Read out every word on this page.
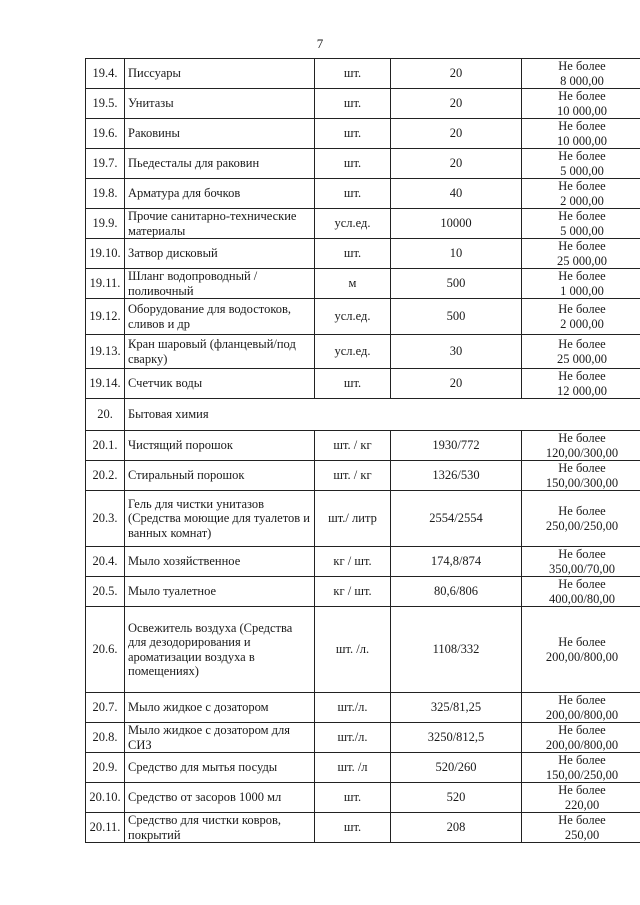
7
19.4.	Писсуары	шт.	20	Не более
8 000,00

19.5.	Унитазы	шт.	20	Не более
10 000,00

19.6.	Раковины	шт.	20	Не более
10 000,00

19.7.	Пьедесталы для раковин	шт.	20	Не более
5 000,00

19.8.	Арматура для бочков	шт.	40	Не более
2 000,00

19.9.	Прочие санитарно-технические материалы	усл.ед.	10000	Не более
5 000,00

19.10.	Затвор дисковый	шт.	10	Не более
25 000,00

19.11.	Шланг водопроводный /поливочный	м	500	Не более
1 000,00

19.12.	Оборудование для водостоков, сливов и др	усл.ед.	500	Не более
2 000,00

19.13.	Кран шаровый (фланцевый/под сварку)	усл.ед.	30	Не более
25 000,00

19.14.	Счетчик воды	шт.	20	Не более
12 000,00

20.	Бытовая химия			
20.1.	Чистящий порошок	шт. / кг	1930/772	Не более
120,00/300,00

20.2.	Стиральный порошок	шт. / кг	1326/530	Не более
150,00/300,00

20.3.	Гель для чистки унитазов (Средства моющие для туалетов и ванных комнат)	шт./ литр	2554/2554	Не более
250,00/250,00

20.4.	Мыло хозяйственное	кг / шт.	174,8/874	Не более
350,00/70,00

20.5.	Мыло туалетное	кг / шт.	80,6/806	Не более
400,00/80,00

20.6.	Освежитель воздуха (Средства для дезодорирования и ароматизации воздуха в помещениях)	шт. /л.	1108/332	Не более
200,00/800,00

20.7.	Мыло жидкое с дозатором	шт./л.	325/81,25	Не более
200,00/800,00

20.8.	Мыло жидкое с дозатором для СИЗ	шт./л.	3250/812,5	Не более
200,00/800,00

20.9.	Средство для мытья посуды	шт. /л	520/260	Не более
150,00/250,00

20.10.	Средство от засоров 1000 мл	шт.	520	Не более
220,00

20.11.	Средство для чистки ковров, покрытий	шт.	208	Не более
250,00
